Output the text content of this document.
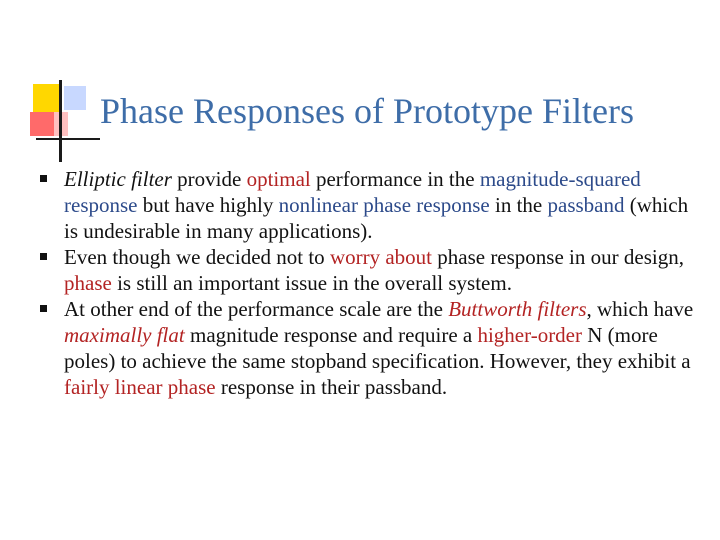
Phase Responses of Prototype Filters
Elliptic filter provide optimal performance in the magnitude-squared response but have highly nonlinear phase response in the passband (which is undesirable in many applications).
Even though we decided not to worry about phase response in our design, phase is still an important issue in the overall system.
At other end of the performance scale are the Buttworth filters, which have maximally flat magnitude response and require a higher-order N (more poles) to achieve the same stopband specification. However, they exhibit a fairly linear phase response in their passband.
